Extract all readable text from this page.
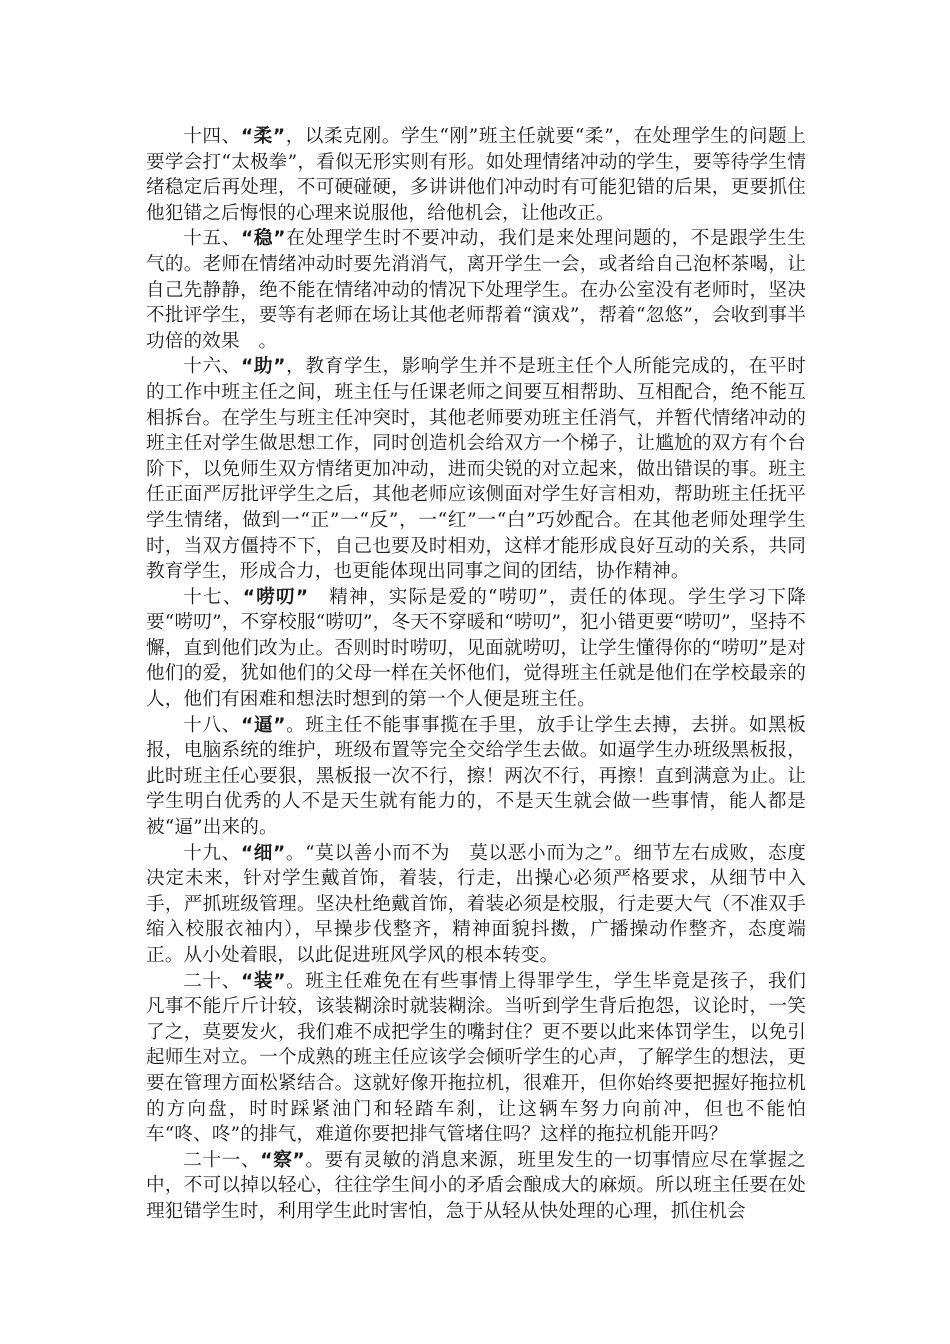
十四、“柔”，以柔克刚。学生“刚”班主任就要“柔”，在处理学生的问题上要学会打“太极拳”，看似无形实则有形。如处理情绪冲动的学生，要等待学生情绪稳定后再处理，不可硬碰硬，多讲讲他们冲动时有可能犯错的后果，更要抓住他犯错之后悔恨的心理来说服他，给他机会，让他改正。

十五、“稳”在处理学生时不要冲动，我们是来处理问题的，不是跟学生生气的。老师在情绪冲动时要先消消气，离开学生一会，或者给自己泡杯茶喝，让自己先静静，绝不能在情绪冲动的情况下处理学生。在办公室没有老师时，坚决不批评学生，要等有老师在场让其他老师帮着“演戏”，帮着“忽悠”，会收到事半功倍的效果　。

十六、“助”，教育学生，影响学生并不是班主任个人所能完成的，在平时的工作中班主任之间，班主任与任课老师之间要互相帮助、互相配合，绝不能互相拆台。在学生与班主任冲突时，其他老师要劝班主任消气，并暂代情绪冲动的班主任对学生做思想工作，同时创造机会给双方一个梯子，让尴尬的双方有个台阶下，以免师生双方情绪更加冲动，进而尖锐的对立起来，做出错误的事。班主任正面严厉批评学生之后，其他老师应该侧面对学生好言相劝，帮助班主任抚平学生情绪，做到一“正”一“反”，一“红”一“白”巧妙配合。在其他老师处理学生时，当双方僵持不下，自己也要及时相劝，这样才能形成良好互动的关系，共同教育学生，形成合力，也更能体现出同事之间的团结，协作精神。

十七、“唠叨”　精神，实际是爱的“唠叨”，责任的体现。学生学习下降要“唠叨”，不穿校服“唠叨”，冬天不穿暖和“唠叨”，犯小错更要“唠叨”，坚持不懈，直到他们改为止。否则时时唠叨，见面就唠叨，让学生懂得你的“唠叨”是对他们的爱，犹如他们的父母一样在关怀他们，觉得班主任就是他们在学校最亲的人，他们有困难和想法时想到的第一个人便是班主任。

十八、“逼”。班主任不能事事揽在手里，放手让学生去搏，去拼。如黑板报，电脑系统的维护，班级布置等完全交给学生去做。如逼学生办班级黑板报，此时班主任心要狠，黑板报一次不行，擦！两次不行，再擦！直到满意为止。让学生明白优秀的人不是天生就有能力的，不是天生就会做一些事情，能人都是被“逼”出来的。

十九、“细”。“莫以善小而不为　莫以恶小而为之”。细节左右成败，态度决定未来，针对学生戴首饰，着装，行走，出操心必须严格要求，从细节中入手，严抓班级管理。坚决杜绝戴首饰，着装必须是校服，行走要大气（不准双手缩入校服衣袖内），早操步伐整齐，精神面貌抖擞，广播操动作整齐，态度端正。从小处着眼，以此促进班风学风的根本转变。

二十、“装”。班主任难免在有些事情上得罪学生，学生毕竟是孩子，我们凡事不能斤斤计较，该装糊涂时就装糊涂。当听到学生背后抱怨，议论时，一笑了之，莫要发火，我们难不成把学生的嘴封住？更不要以此来体罚学生，以免引起师生对立。一个成熟的班主任应该学会倾听学生的心声，了解学生的想法，更要在管理方面松紧结合。这就好像开拖拉机，很难开，但你始终要把握好拖拉机的方向盘，时时踩紧油门和轻踏车刹，让这辆车努力向前冲，但也不能怕车“咚、咚”的排气，难道你要把排气管堵住吗？这样的拖拉机能开吗？

二十一、“察”。要有灵敏的消息来源，班里发生的一切事情应尽在掌握之中，不可以掉以轻心，往往学生间小的矛盾会酿成大的麻烦。所以班主任要在处理犯错学生时，利用学生此时害怕，急于从轻从快处理的心理，抓住机会
